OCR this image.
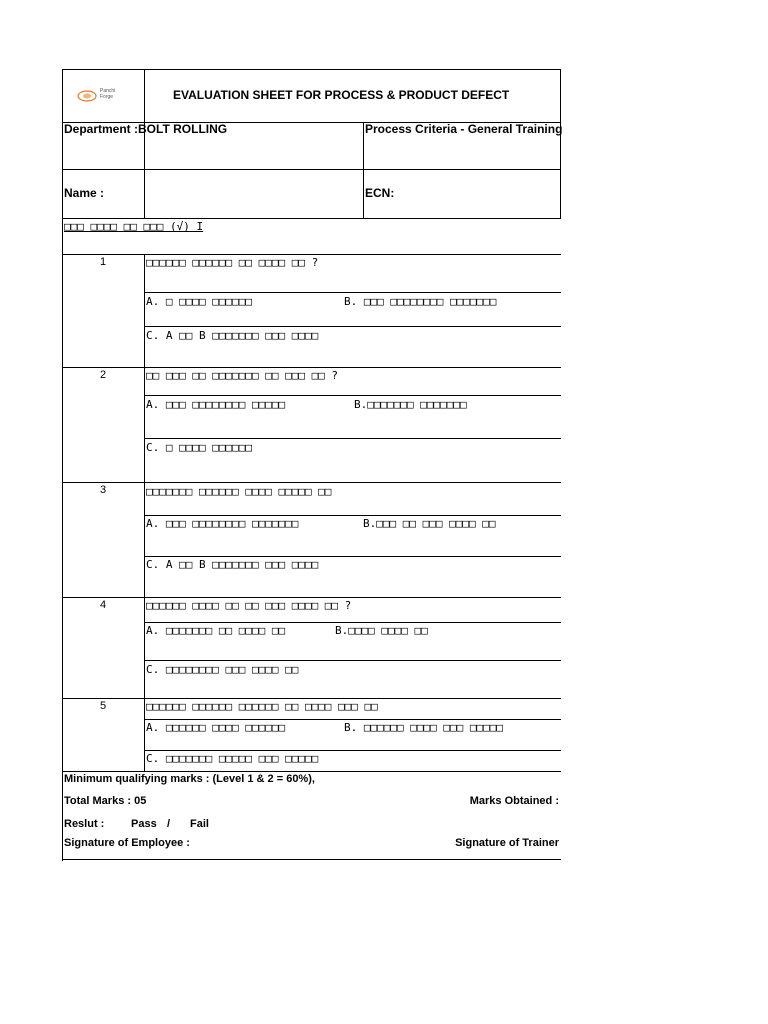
Panchi
Forge	EVALUATION SHEET FOR PROCESS & PRODUCT DEFECT
Department :BOLT ROLLING	Process Criteria - General Training
Name :	ECN:
□□□ □□□□ □□ □□□ (√) I
1	□□□□□□ □□□□□□ □□ □□□□ □□ ?
A. □ □□□□ □□□□□□	B. □□□ □□□□□□□□ □□□□□□□
C. A □□ B □□□□□□□ □□□ □□□□
2	□□ □□□ □□ □□□□□□□ □□ □□□ □□ ?
A. □□□ □□□□□□□□ □□□□□	B.□□□□□□□ □□□□□□□
C. □ □□□□ □□□□□□
3	□□□□□□□ □□□□□□ □□□□ □□□□□ □□
A. □□□ □□□□□□□□ □□□□□□□	B.□□□ □□ □□□ □□□□ □□
C. A □□ B □□□□□□□ □□□ □□□□
4	□□□□□□ □□□□ □□ □□ □□□ □□□□ □□ ?
A. □□□□□□□ □□ □□□□ □□	B.□□□□ □□□□ □□
C. □□□□□□□□ □□□ □□□□ □□
5	□□□□□□ □□□□□□ □□□□□□ □□ □□□□ □□□ □□
A. □□□□□□ □□□□ □□□□□□	B. □□□□□□ □□□□ □□□ □□□□□
C. □□□□□□□ □□□□□ □□□ □□□□□
Minimum qualifying marks : (Level 1 & 2 = 60%),
Total Marks : 05	Marks Obtained :
Reslut : Pass / Fail
Signature of Employee :	Signature of Trainer
